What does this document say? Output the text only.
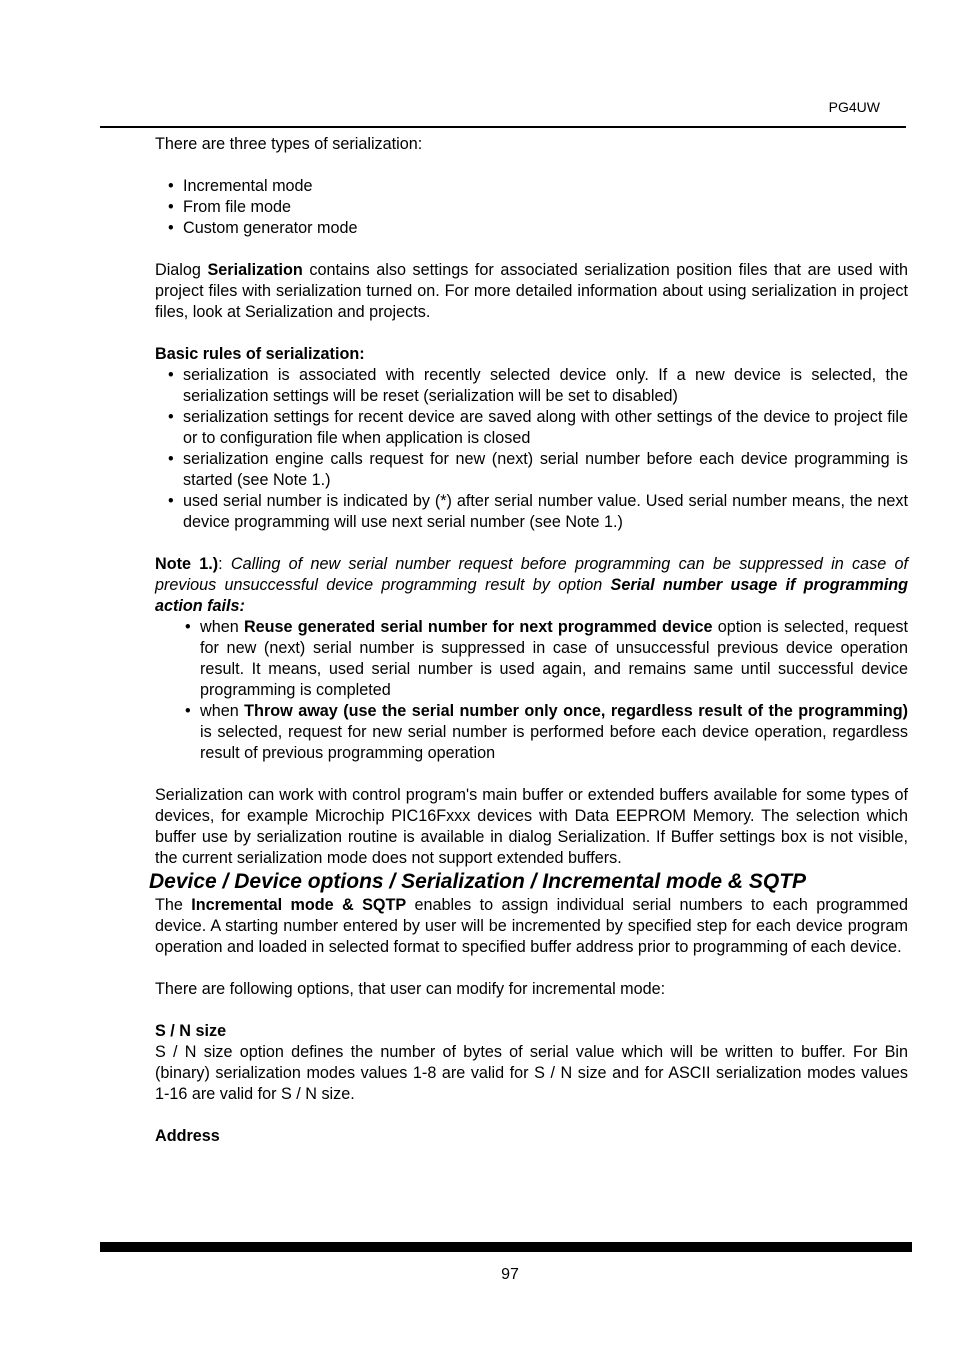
PG4UW

There are three types of serialization:

• Incremental mode
• From file mode
• Custom generator mode

Dialog Serialization contains also settings for associated serialization position files that are used with project files with serialization turned on. For more detailed information about using serialization in project files, look at Serialization and projects.

Basic rules of serialization:
• serialization is associated with recently selected device only. If a new device is selected, the serialization settings will be reset (serialization will be set to disabled)
• serialization settings for recent device are saved along with other settings of the device to project file or to configuration file when application is closed
• serialization engine calls request for new (next) serial number before each device programming is started (see Note 1.)
• used serial number is indicated by (*) after serial number value. Used serial number means, the next device programming will use next serial number (see Note 1.)

Note 1.): Calling of new serial number request before programming can be suppressed in case of previous unsuccessful device programming result by option Serial number usage if programming action fails:

• when Reuse generated serial number for next programmed device option is selected, request for new (next) serial number is suppressed in case of unsuccessful previous device operation result. It means, used serial number is used again, and remains same until successful device programming is completed
• when Throw away (use the serial number only once, regardless result of the programming) is selected, request for new serial number is performed before each device operation, regardless result of previous programming operation

Serialization can work with control program's main buffer or extended buffers available for some types of devices, for example Microchip PIC16Fxxx devices with Data EEPROM Memory. The selection which buffer use by serialization routine is available in dialog Serialization. If Buffer settings box is not visible, the current serialization mode does not support extended buffers.

Device / Device options / Serialization / Incremental mode & SQTP

The Incremental mode & SQTP enables to assign individual serial numbers to each programmed device. A starting number entered by user will be incremented by specified step for each device program operation and loaded in selected format to specified buffer address prior to programming of each device.

There are following options, that user can modify for incremental mode:

S / N size

S / N size option defines the number of bytes of serial value which will be written to buffer. For Bin (binary) serialization modes values 1-8 are valid for S / N size and for ASCII serialization modes values 1-16 are valid for S / N size.

Address
97
